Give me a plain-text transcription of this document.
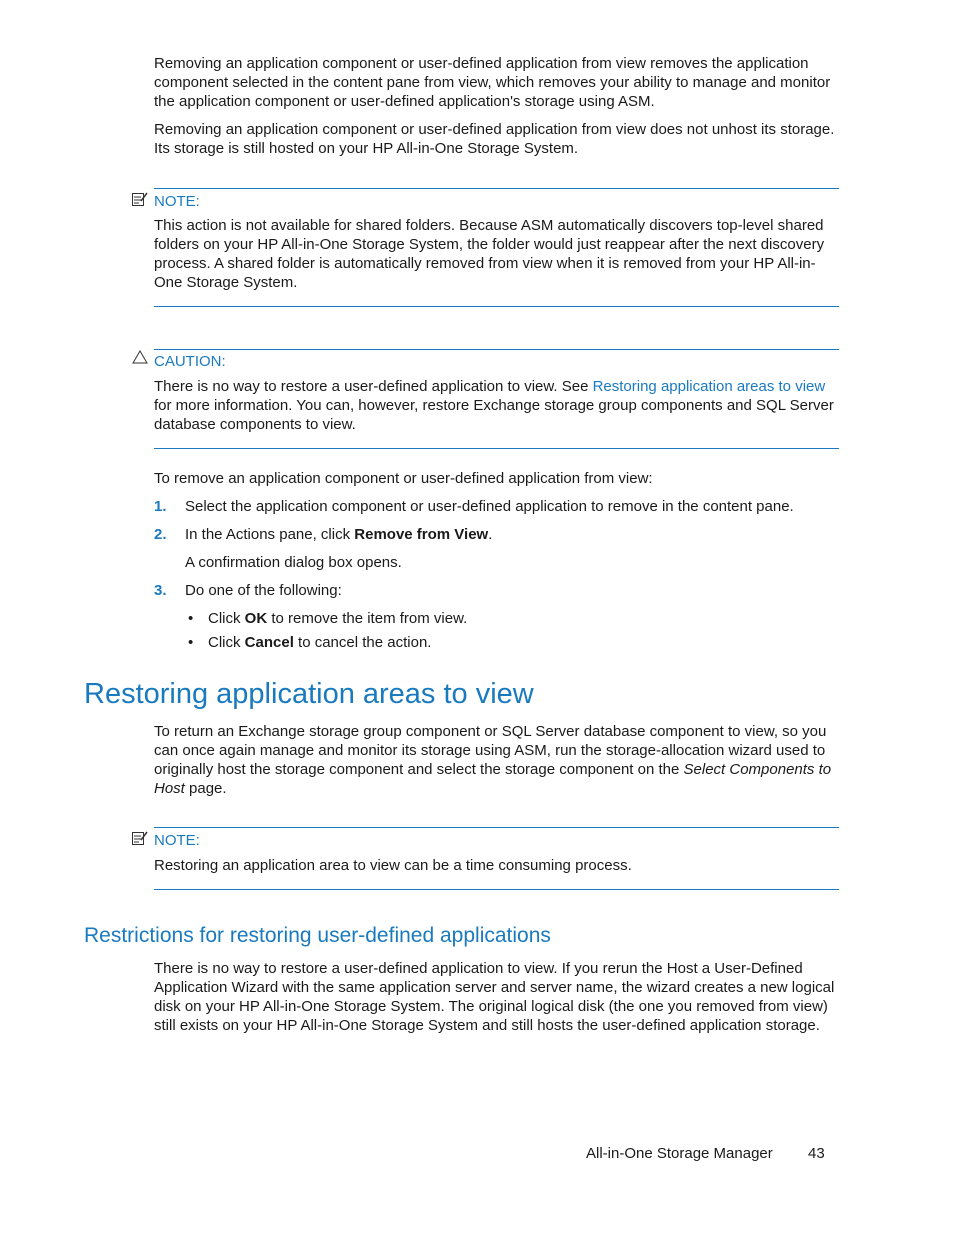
Removing an application component or user-defined application from view removes the application component selected in the content pane from view, which removes your ability to manage and monitor the application component or user-defined application's storage using ASM.

Removing an application component or user-defined application from view does not unhost its storage. Its storage is still hosted on your HP All-in-One Storage System.

NOTE:

This action is not available for shared folders. Because ASM automatically discovers top-level shared folders on your HP All-in-One Storage System, the folder would just reappear after the next discovery process. A shared folder is automatically removed from view when it is removed from your HP All-in-One Storage System.

CAUTION:

There is no way to restore a user-defined application to view. See Restoring application areas to view for more information. You can, however, restore Exchange storage group components and SQL Server database components to view.

To remove an application component or user-defined application from view:

1. Select the application component or user-defined application to remove in the content pane.
2. In the Actions pane, click Remove from View.
A confirmation dialog box opens.
3. Do one of the following:
• Click OK to remove the item from view.
• Click Cancel to cancel the action.
Restoring application areas to view

To return an Exchange storage group component or SQL Server database component to view, so you can once again manage and monitor its storage using ASM, run the storage-allocation wizard used to originally host the storage component and select the storage component on the Select Components to Host page.

NOTE:

Restoring an application area to view can be a time consuming process.

Restrictions for restoring user-defined applications

There is no way to restore a user-defined application to view. If you rerun the Host a User-Defined Application Wizard with the same application server and server name, the wizard creates a new logical disk on your HP All-in-One Storage System. The original logical disk (the one you removed from view) still exists on your HP All-in-One Storage System and still hosts the user-defined application storage.

All-in-One Storage Manager 43
